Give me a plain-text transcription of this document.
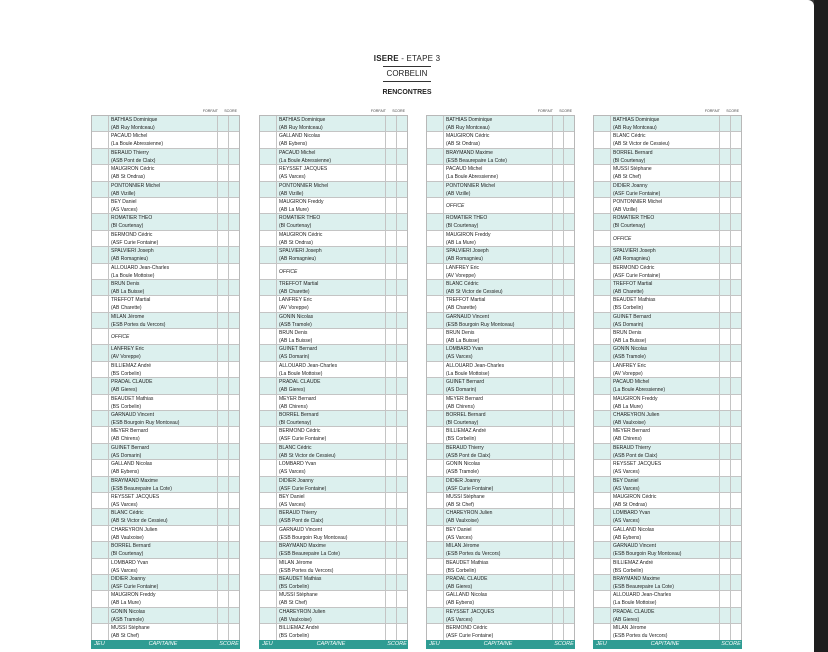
ISERE - ETAPE 3
CORBELIN
RENCONTRES
FORFAIT SCORE
BATHIAS Dominique
(AB Ruy Montceau)
PACAUD Michel
(La Boule Abressienne)
BERAUD Thierry
(ASB Pont de Claix)
MAUGIRON Cédric
(AB St Ondras)
PONTONNIER Michel
(AB Vizille)
BEY Daniel
(AS Varces)
ROMATIER THEO
(Bl Courtenay)
BERMOND Cédric
(ASF Curie Fontaine)
SPALVIERI Joseph
(AB Romagnieu)
ALLOUARD Jean-Charles
(La Boule Mottoise)
BRUN Denis
(AB La Buisse)
TREFFOT Martial
(AB Charette)
MILAN Jérome
(ESB Portes du Vercors)
OFFICE
LANFREY Eric
(AV Voreppe)
BILLIEMAZ André
(BS Corbelin)
PRADAL CLAUDE
(AB Gieres)
BEAUDET Mathias
(BS Corbelin)
GARNAUD Vincent
(ESB Bourgoin Ruy Montceau)
MEYER Bernard
(AB Chirens)
GUINET Bernard
(AS Domarin)
GALLAND Nicolas
(AB Eybens)
BRAYMAND Maxime
(ESB Beaurepaire La Cote)
REYSSET JACQUES
(AS Varces)
BLANC Cédric
(AB St Victor de Cessieu)
CHAREYRON Julien
(AB Vaulxoise)
BORREL Bernard
(Bl Courtenay)
LOMBARD Yvan
(AS Varces)
DIDIER Joanny
(ASF Curie Fontaine)
MAUGIRON Freddy
(AB La Mure)
GONIN Nicolas
(ASB Tramole)
MUSSI Stéphane
(AB St Chef)
JEU	CAPITAINE	SCORE
FORFAIT SCORE
BATHIAS Dominique
(AB Ruy Montceau)
GALLAND Nicolas
(AB Eybens)
PACAUD Michel
(La Boule Abressienne)
REYSSET JACQUES
(AS Varces)
PONTONNIER Michel
(AB Vizille)
MAUGIRON Freddy
(AB La Mure)
ROMATIER THEO
(Bl Courtenay)
MAUGIRON Cédric
(AB St Ondras)
SPALVIERI Joseph
(AB Romagnieu)
OFFICE
TREFFOT Martial
(AB Charette)
LANFREY Eric
(AV Voreppe)
GONIN Nicolas
(ASB Tramole)
BRUN Denis
(AB La Buisse)
GUINET Bernard
(AS Domarin)
ALLOUARD Jean-Charles
(La Boule Mottoise)
PRADAL CLAUDE
(AB Gieres)
MEYER Bernard
(AB Chirens)
BORREL Bernard
(Bl Courtenay)
BERMOND Cédric
(ASF Curie Fontaine)
BLANC Cédric
(AB St Victor de Cessieu)
LOMBARD Yvan
(AS Varces)
DIDIER Joanny
(ASF Curie Fontaine)
BEY Daniel
(AS Varces)
BERAUD Thierry
(ASB Pont de Claix)
GARNAUD Vincent
(ESB Bourgoin Ruy Montceau)
BRAYMAND Maxime
(ESB Beaurepaire La Cote)
MILAN Jérome
(ESB Portes du Vercors)
BEAUDET Mathias
(BS Corbelin)
MUSSI Stéphane
(AB St Chef)
CHAREYRON Julien
(AB Vaulxoise)
BILLIEMAZ André
(BS Corbelin)
JEU	CAPITAINE	SCORE
FORFAIT SCORE
BATHIAS Dominique
(AB Ruy Montceau)
MAUGIRON Cédric
(AB St Ondras)
BRAYMAND Maxime
(ESB Beaurepaire La Cote)
PACAUD Michel
(La Boule Abressienne)
PONTONNIER Michel
(AB Vizille)
OFFICE
ROMATIER THEO
(Bl Courtenay)
MAUGIRON Freddy
(AB La Mure)
SPALVIERI Joseph
(AB Romagnieu)
LANFREY Eric
(AV Voreppe)
BLANC Cédric
(AB St Victor de Cessieu)
TREFFOT Martial
(AB Charette)
GARNAUD Vincent
(ESB Bourgoin Ruy Montceau)
BRUN Denis
(AB La Buisse)
LOMBARD Yvan
(AS Varces)
ALLOUARD Jean-Charles
(La Boule Mottoise)
GUINET Bernard
(AS Domarin)
MEYER Bernard
(AB Chirens)
BORREL Bernard
(Bl Courtenay)
BILLIEMAZ André
(BS Corbelin)
BERAUD Thierry
(ASB Pont de Claix)
GONIN Nicolas
(ASB Tramole)
DIDIER Joanny
(ASF Curie Fontaine)
MUSSI Stéphane
(AB St Chef)
CHAREYRON Julien
(AB Vaulxoise)
BEY Daniel
(AS Varces)
MILAN Jérome
(ESB Portes du Vercors)
BEAUDET Mathias
(BS Corbelin)
PRADAL CLAUDE
(AB Gieres)
GALLAND Nicolas
(AB Eybens)
REYSSET JACQUES
(AS Varces)
BERMOND Cédric
(ASF Curie Fontaine)
JEU	CAPITAINE	SCORE
FORFAIT SCORE
BATHIAS Dominique
(AB Ruy Montceau)
BLANC Cédric
(AB St Victor de Cessieu)
BORREL Bernard
(Bl Courtenay)
MUSSI Stéphane
(AB St Chef)
DIDIER Joanny
(ASF Curie Fontaine)
PONTONNIER Michel
(AB Vizille)
ROMATIER THEO
(Bl Courtenay)
OFFICE
SPALVIERI Joseph
(AB Romagnieu)
BERMOND Cédric
(ASF Curie Fontaine)
TREFFOT Martial
(AB Charette)
BEAUDET Mathias
(BS Corbelin)
GUINET Bernard
(AS Domarin)
BRUN Denis
(AB La Buisse)
GONIN Nicolas
(ASB Tramole)
LANFREY Eric
(AV Voreppe)
PACAUD Michel
(La Boule Abressienne)
MAUGIRON Freddy
(AB La Mure)
CHAREYRON Julien
(AB Vaulxoise)
MEYER Bernard
(AB Chirens)
BERAUD Thierry
(ASB Pont de Claix)
REYSSET JACQUES
(AS Varces)
BEY Daniel
(AS Varces)
MAUGIRON Cédric
(AB St Ondras)
LOMBARD Yvan
(AS Varces)
GALLAND Nicolas
(AB Eybens)
GARNAUD Vincent
(ESB Bourgoin Ruy Montceau)
BILLIEMAZ André
(BS Corbelin)
BRAYMAND Maxime
(ESB Beaurepaire La Cote)
ALLOUARD Jean-Charles
(La Boule Mottoise)
PRADAL CLAUDE
(AB Gieres)
MILAN Jérome
(ESB Portes du Vercors)
JEU	CAPITAINE	SCORE
